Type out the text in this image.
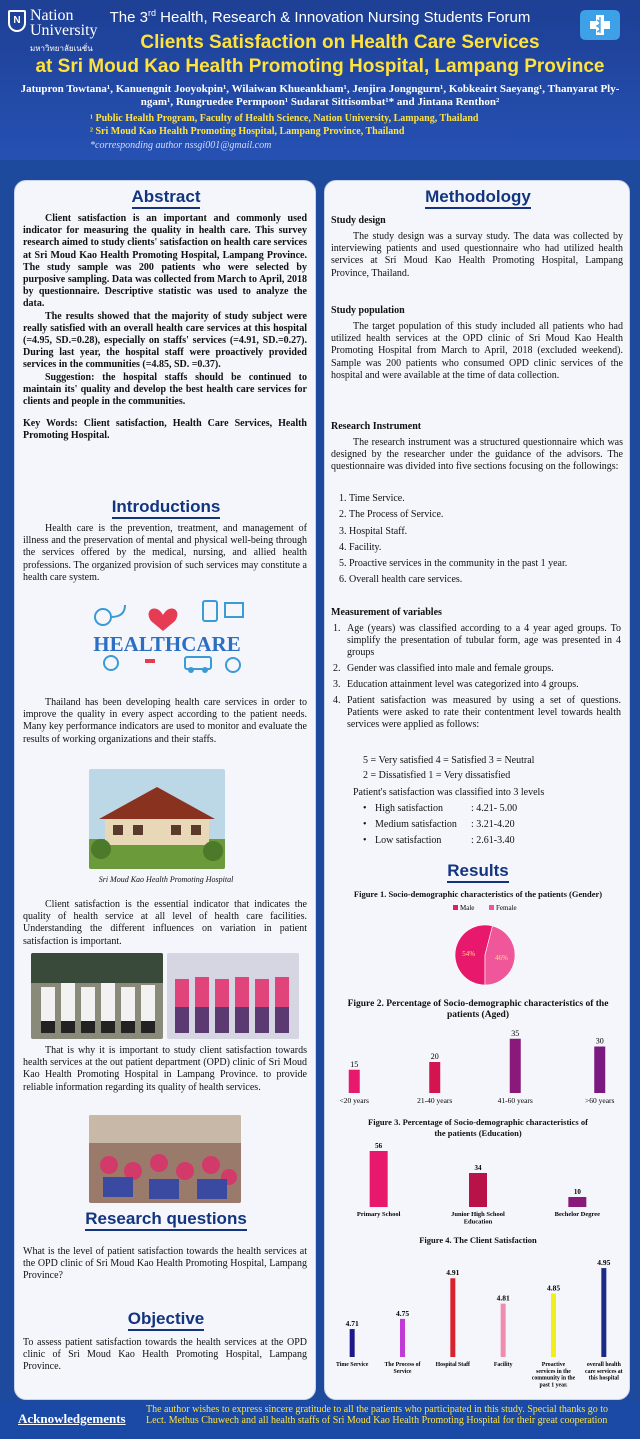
N Nation University
มหาวิทยาลัยเนชั่น
The 3rd Health, Research & Innovation Nursing Students Forum
Clients Satisfaction on Health Care Services
at Sri Moud Kao Health Promoting Hospital, Lampang Province
Jatupron Towtana¹, Kanuengnit Jooyokpin¹, Wilaiwan Khueankham¹, Jenjira Jongngurn¹, Kobkeairt Saeyang¹, Thanyarat Ply-ngam¹, Rungruedee Permpoon¹ Sudarat Sittisombat¹* and Jintana Renthon²
¹ Public Health Program, Faculty of Health Science, Nation University, Lampang, Thailand
² Sri Moud Kao Health Promoting Hospital, Lampang Province, Thailand
*corresponding author nssgi001@gmail.com
Abstract
Client satisfaction is an important and commonly used indicator for measuring the quality in health care. This survey research aimed to study clients' satisfaction on health care services at Sri Moud Kao Health Promoting Hospital, Lampang Province. The study sample was 200 patients who were selected by purposive sampling. Data was collected from March to April, 2018 by questionnaire. Descriptive statistic was used to analyze the data.
The results showed that the majority of study subject were really satisfied with an overall health care services at this hospital (=4.95, SD.=0.28), especially on staffs' services (=4.91, SD.=0.27). During last year, the hospital staff were proactively provided services in the communities (=4.85, SD. =0.37).
Suggestion: the hospital staffs should be continued to maintain its' quality and develop the best health care services for clients and people in the communities.
Key Words: Client satisfaction, Health Care Services, Health Promoting Hospital.
Introductions
Health care is the prevention, treatment, and management of illness and the preservation of mental and physical well-being through the services offered by the medical, nursing, and allied health professions. The organized provision of such services may constitute a health care system.
HEALTHCARE
Thailand has been developing health care services in order to improve the quality in every aspect according to the patient needs. Many key performance indicators are used to monitor and evaluate the results of working organizations and their staffs.
Sri Moud Kao Health Promoting Hospital
Client satisfaction is the essential indicator that indicates the quality of health service at all level of health care facilities. Understanding the different influences on variation in patient satisfaction is important.
That is why it is important to study client satisfaction towards health services at the out patient department (OPD) clinic of Sri Moud Kao Health Promoting Hospital in Lampang Province. to provide reliable information regarding its quality of health services.
Research questions
What is the level of patient satisfaction towards the health services at the OPD clinic of Sri Moud Kao Health Promoting Hospital, Lampang Province?
Objective
To assess patient satisfaction towards the health services at the OPD clinic of Sri Moud Kao Health Promoting Hospital, Lampang Province.
Methodology
Study design
The study design was a survay study. The data was collected by interviewing patients and used questionnaire who had utilized health services at Sri Moud Kao Health Promoting Hospital, Lampang Province, Thailand.
Study population
The target population of this study included all patients who had utilized health services at the OPD clinic of Sri Moud Kao Health Promoting Hospital from March to April, 2018 (excluded weekend). Sample was 200 patients who consumed OPD clinic services of the hospital and were available at the time of data collection.
Research Instrument
The research instrument was a structured questionnaire which was designed by the researcher under the guidance of the advisors. The questionnaire was divided into five sections focusing on the followings:
1. Time Service.
2. The Process of Service.
3. Hospital Staff.
4. Facility.
5. Proactive services in the community in the past 1 year.
6. Overall health care services.
Measurement of variables
1. Age (years) was classified according to a 4 year aged groups. To simplify the presentation of tubular form, age was presented in 4 groups
2. Gender was classified into male and female groups.
3. Education attainment level was categorized into 4 groups.
4. Patient satisfaction was measured by using a set of questions. Patients were asked to rate their contentment level towards health services were applied as follows:
5 = Very satisfied 4 = Satisfied 3 = Neutral
2 = Dissatisfied 1 = Very dissatisfied
Patient's satisfaction was classified into 3 levels
• High satisfaction	: 4.21- 5.00
• Medium satisfaction : 3.21-4.20
• Low satisfaction	: 2.61-3.40
Results
Figure 1. Socio-demographic characteristics of the patients (Gender)
Male	Female
54%
46%
Figure 2. Percentage of Socio-demographic characteristics of the patients (Aged)
15
<20 years
20
21-40 years
35
41-60 years
30
>60 years
Figure 3. Percentage of Socio-demographic characteristics of the patients (Education)
56
Primary School
34
Junior High School
Education
10
Bechelor Degree
Figure 4. The Client Satisfaction
4.71
Time Service
4.75
The Process of
Service
4.91
Hospital Staff
4.81
Facility
4.85
Proactive
services in the
community in the
past 1 year.
4.95
overall health
care services at
this hospital
Acknowledgements
The author wishes to express sincere gratitude to all the patients who participated in this study. Special thanks go to Lect. Methus Chuwech and all health staffs of Sri Moud Kao Health Promoting Hospital for their great cooperation
